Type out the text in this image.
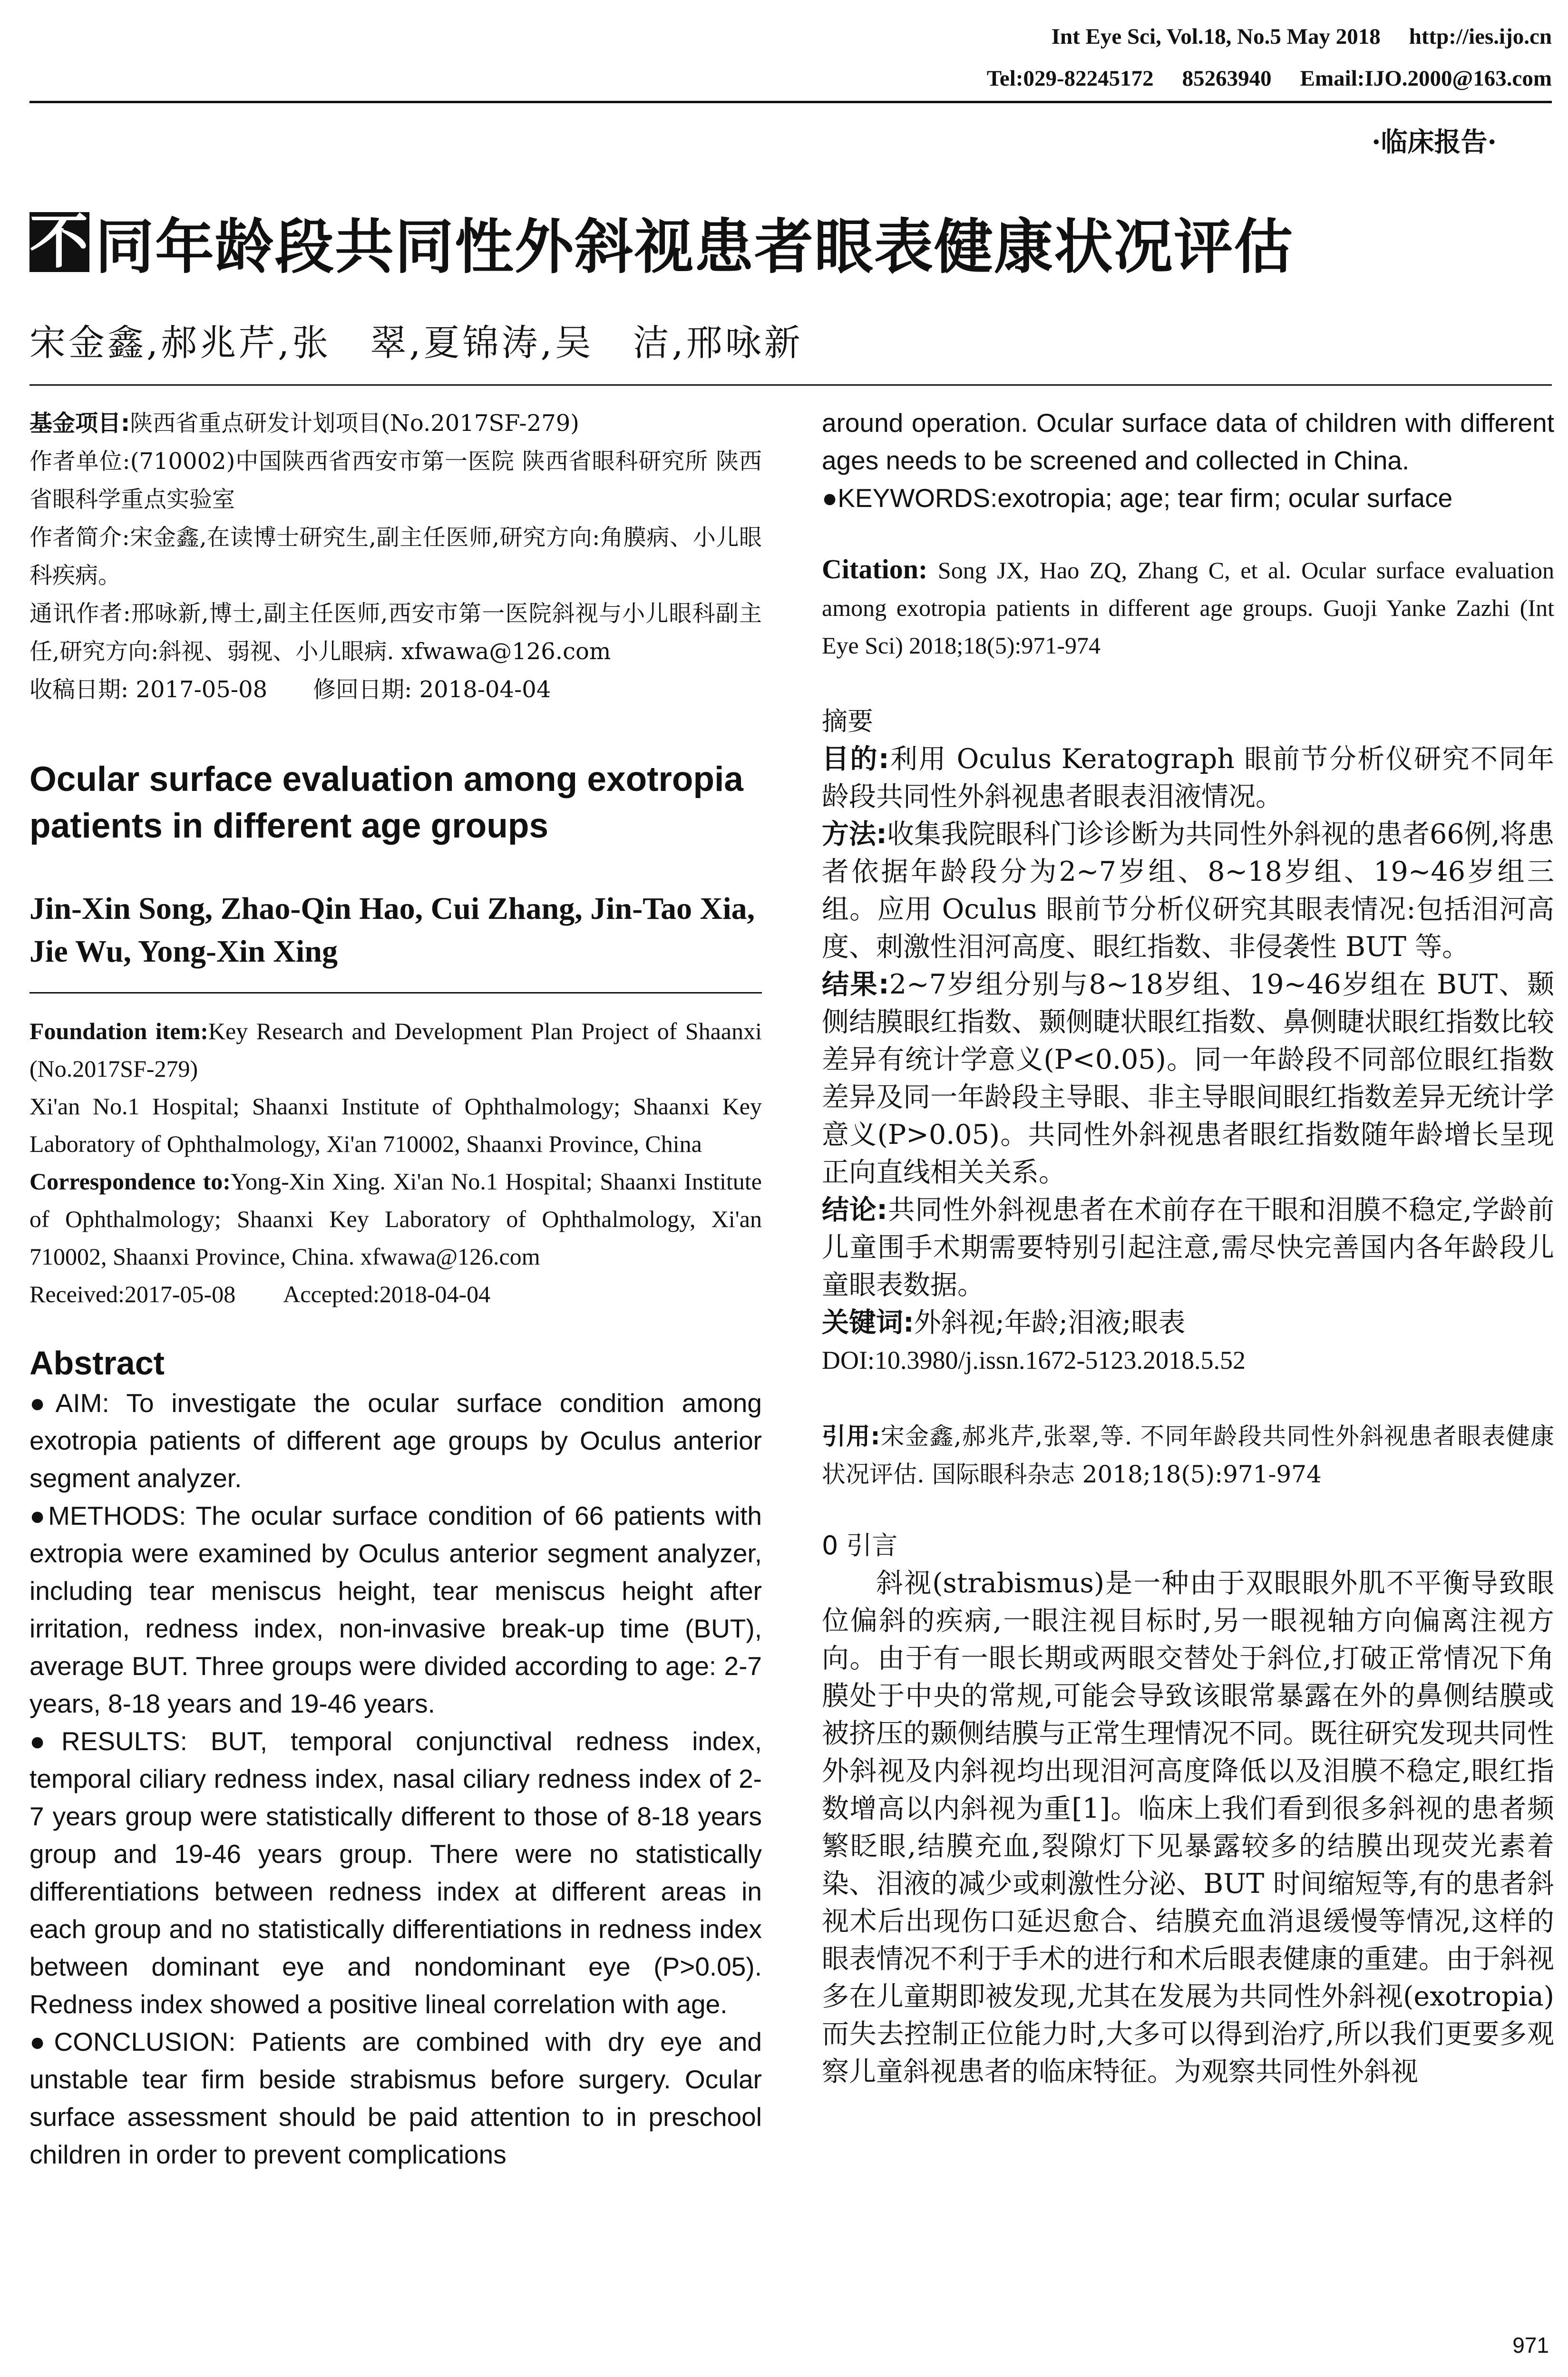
Int Eye Sci, Vol.18, No.5 May 2018 http://ies.ijo.cn
Tel:029-82245172 85263940 Email:IJO.2000@163.com
·临床报告·
不 同年龄段共同性外斜视患者眼表健康状况评估
宋金鑫,郝兆芹,张　翠,夏锦涛,吴　洁,邢咏新

基金项目:陕西省重点研发计划项目(No.2017SF-279)

作者单位:(710002)中国陕西省西安市第一医院 陕西省眼科研究所 陕西省眼科学重点实验室

作者简介:宋金鑫,在读博士研究生,副主任医师,研究方向:角膜病、小儿眼科疾病。

通讯作者:邢咏新,博士,副主任医师,西安市第一医院斜视与小儿眼科副主任,研究方向:斜视、弱视、小儿眼病. xfwawa@126.com

收稿日期: 2017-05-08　　修回日期: 2018-04-04

Ocular surface evaluation among exotropia patients in different age groups

Jin-Xin Song, Zhao-Qin Hao, Cui Zhang, Jin-Tao Xia, Jie Wu, Yong-Xin Xing

Foundation item:Key Research and Development Plan Project of Shaanxi (No.2017SF-279)

Xi'an No.1 Hospital; Shaanxi Institute of Ophthalmology; Shaanxi Key Laboratory of Ophthalmology, Xi'an 710002, Shaanxi Province, China

Correspondence to:Yong-Xin Xing. Xi'an No.1 Hospital; Shaanxi Institute of Ophthalmology; Shaanxi Key Laboratory of Ophthalmology, Xi'an 710002, Shaanxi Province, China. xfwawa@126.com

Received:2017-05-08　　Accepted:2018-04-04

Abstract

●AIM: To investigate the ocular surface condition among exotropia patients of different age groups by Oculus anterior segment analyzer.

●METHODS: The ocular surface condition of 66 patients with extropia were examined by Oculus anterior segment analyzer, including tear meniscus height, tear meniscus height after irritation, redness index, non-invasive break-up time (BUT), average BUT. Three groups were divided according to age: 2-7 years, 8-18 years and 19-46 years.

●RESULTS: BUT, temporal conjunctival redness index, temporal ciliary redness index, nasal ciliary redness index of 2-7 years group were statistically different to those of 8-18 years group and 19-46 years group. There were no statistically differentiations between redness index at different areas in each group and no statistically differentiations in redness index between dominant eye and nondominant eye (P>0.05). Redness index showed a positive lineal correlation with age.

●CONCLUSION: Patients are combined with dry eye and unstable tear firm beside strabismus before surgery. Ocular surface assessment should be paid attention to in preschool children in order to prevent complications

around operation. Ocular surface data of children with different ages needs to be screened and collected in China.

●KEYWORDS:exotropia; age; tear firm; ocular surface

Citation: Song JX, Hao ZQ, Zhang C, et al. Ocular surface evaluation among exotropia patients in different age groups. Guoji Yanke Zazhi (Int Eye Sci) 2018;18(5):971-974

摘要

目的:利用 Oculus Keratograph 眼前节分析仪研究不同年龄段共同性外斜视患者眼表泪液情况。

方法:收集我院眼科门诊诊断为共同性外斜视的患者66例,将患者依据年龄段分为2~7岁组、8~18岁组、19~46岁组三组。应用 Oculus 眼前节分析仪研究其眼表情况:包括泪河高度、刺激性泪河高度、眼红指数、非侵袭性 BUT 等。

结果:2~7岁组分别与8~18岁组、19~46岁组在 BUT、颞侧结膜眼红指数、颞侧睫状眼红指数、鼻侧睫状眼红指数比较差异有统计学意义(P<0.05)。同一年龄段不同部位眼红指数差异及同一年龄段主导眼、非主导眼间眼红指数差异无统计学意义(P>0.05)。共同性外斜视患者眼红指数随年龄增长呈现正向直线相关关系。

结论:共同性外斜视患者在术前存在干眼和泪膜不稳定,学龄前儿童围手术期需要特别引起注意,需尽快完善国内各年龄段儿童眼表数据。

关键词:外斜视;年龄;泪液;眼表

DOI:10.3980/j.issn.1672-5123.2018.5.52

引用:宋金鑫,郝兆芹,张翠,等. 不同年龄段共同性外斜视患者眼表健康状况评估. 国际眼科杂志 2018;18(5):971-974

0 引言

斜视(strabismus)是一种由于双眼眼外肌不平衡导致眼位偏斜的疾病,一眼注视目标时,另一眼视轴方向偏离注视方向。由于有一眼长期或两眼交替处于斜位,打破正常情况下角膜处于中央的常规,可能会导致该眼常暴露在外的鼻侧结膜或被挤压的颞侧结膜与正常生理情况不同。既往研究发现共同性外斜视及内斜视均出现泪河高度降低以及泪膜不稳定,眼红指数增高以内斜视为重[1]。临床上我们看到很多斜视的患者频繁眨眼,结膜充血,裂隙灯下见暴露较多的结膜出现荧光素着染、泪液的减少或刺激性分泌、BUT 时间缩短等,有的患者斜视术后出现伤口延迟愈合、结膜充血消退缓慢等情况,这样的眼表情况不利于手术的进行和术后眼表健康的重建。由于斜视多在儿童期即被发现,尤其在发展为共同性外斜视(exotropia)而失去控制正位能力时,大多可以得到治疗,所以我们更要多观察儿童斜视患者的临床特征。为观察共同性外斜视

971
